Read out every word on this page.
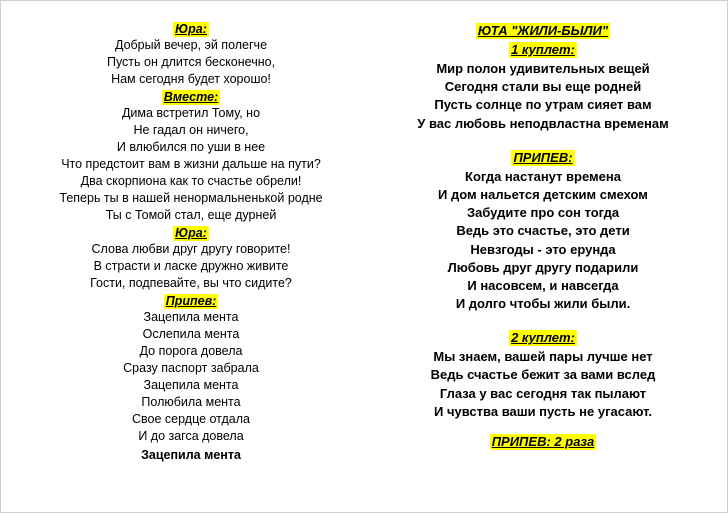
Юра:
Добрый вечер, эй полегче
Пусть он длится бесконечно,
Нам сегодня будет хорошо!
Вместе:
Дима встретил Тому, но
Не гадал он ничего,
И влюбился по уши в нее
Что предстоит вам в жизни дальше на пути?
Два скорпиона как то счастье обрели!
Теперь ты в нашей ненормальненькой родне
Ты с Томой стал, еще дурней
Юра:
Слова любви друг другу говорите!
В страсти и ласке дружно живите
Гости, подпевайте, вы что сидите?
Припев:
Зацепила мента
Ослепила мента
До порога довела
Сразу паспорт забрала
Зацепила мента
Полюбила мента
Свое сердце отдала
И до загса довела
Зацепила мента
ЮТА "ЖИЛИ-БЫЛИ"
1 куплет:
Мир полон удивительных вещей
Сегодня стали вы еще родней
Пусть солнце по утрам сияет вам
У вас любовь неподвластна временам
ПРИПЕВ:
Когда настанут времена
И дом нальется детским смехом
Забудите про сон тогда
Ведь это счастье, это дети
Невзгоды - это ерунда
Любовь друг другу подарили
И насовсем, и навсегда
И долго чтобы жили были.
2 куплет:
Мы знаем, вашей пары лучше нет
Ведь счастье бежит за вами вслед
Глаза у вас сегодня так пылают
И чувства ваши пусть не угасают.
ПРИПЕВ: 2 раза
